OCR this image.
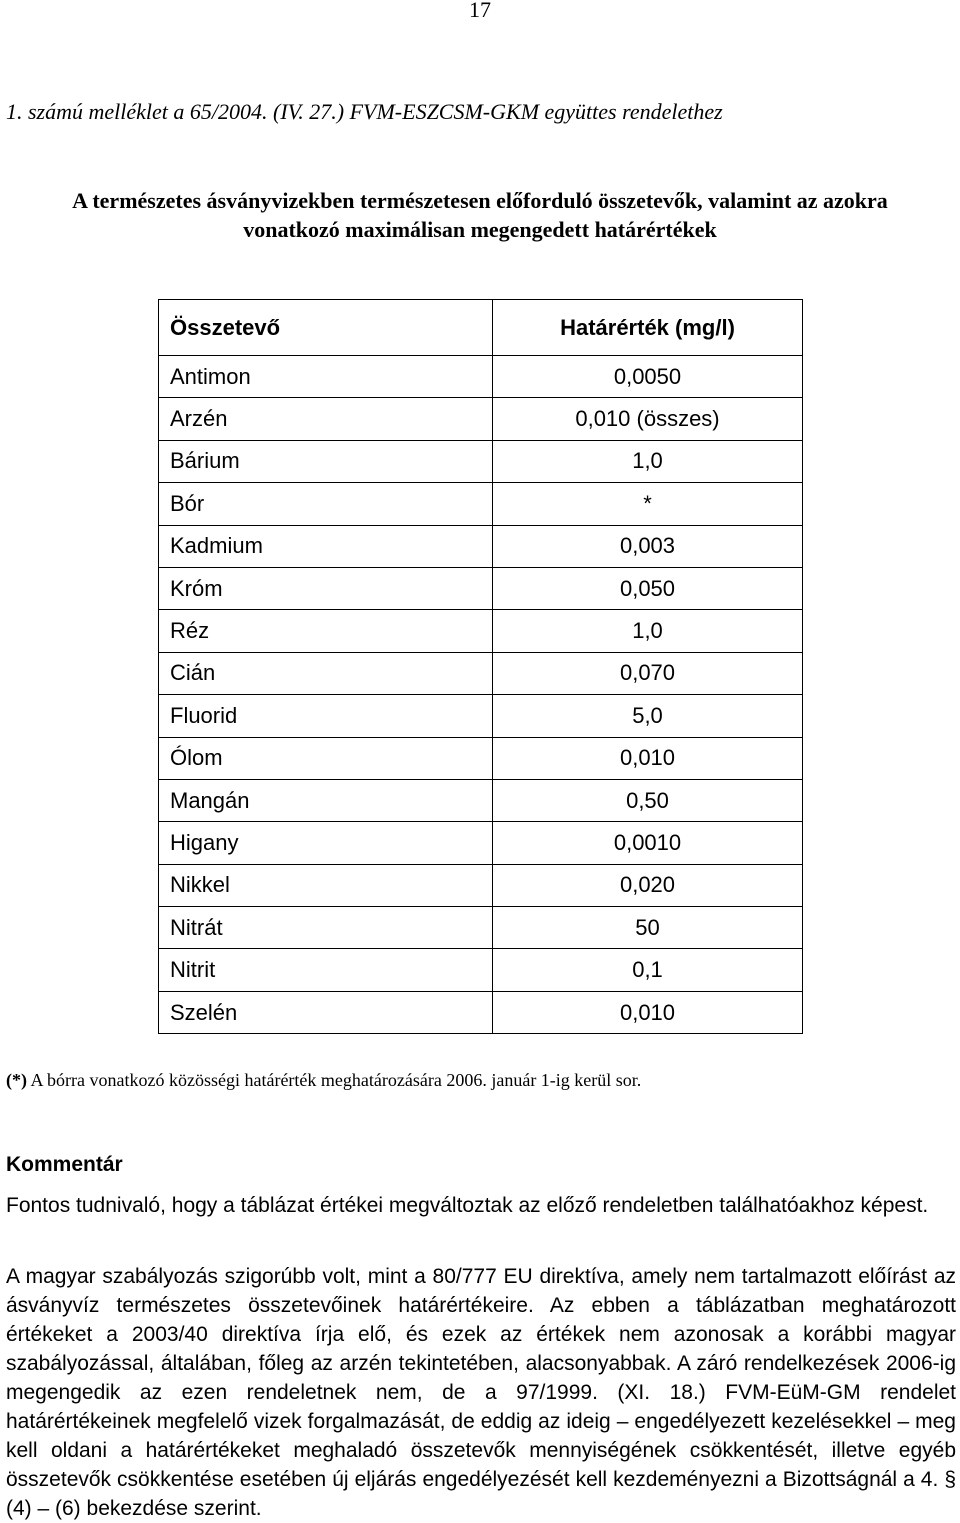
17
1. számú melléklet a 65/2004. (IV. 27.) FVM-ESZCSM-GKM együttes rendelethez
A természetes ásványvizekben természetesen előforduló összetevők, valamint az azokra
vonatkozó maximálisan megengedett határértékek
Összetevő	Határérték (mg/l)
Antimon	0,0050
Arzén	0,010 (összes)
Bárium	1,0
Bór	*
Kadmium	0,003
Króm	0,050
Réz	1,0
Cián	0,070
Fluorid	5,0
Ólom	0,010
Mangán	0,50
Higany	0,0010
Nikkel	0,020
Nitrát	50
Nitrit	0,1
Szelén	0,010
(*) A bórra vonatkozó közösségi határérték meghatározására 2006. január 1-ig kerül sor.
Kommentár
Fontos tudnivaló, hogy a táblázat értékei megváltoztak az előző rendeletben találhatóakhoz képest.
A magyar szabályozás szigorúbb volt, mint a 80/777 EU direktíva, amely nem tartalmazott előírást az ásványvíz természetes összetevőinek határértékeire. Az ebben a táblázatban meghatározott értékeket a 2003/40 direktíva írja elő, és ezek az értékek nem azonosak a korábbi magyar szabályozással, általában, főleg az arzén tekintetében, alacsonyabbak. A záró rendelkezések 2006-ig megengedik az ezen rendeletnek nem, de a 97/1999. (XI. 18.) FVM-EüM-GM rendelet határértékeinek megfelelő vizek forgalmazását, de eddig az ideig – engedélyezett kezelésekkel – meg kell oldani a határértékeket meghaladó összetevők mennyiségének csökkentését, illetve egyéb összetevők csökkentése esetében új eljárás engedélyezését kell kezdeményezni a Bizottságnál a 4. § (4) – (6) bekezdése szerint.
